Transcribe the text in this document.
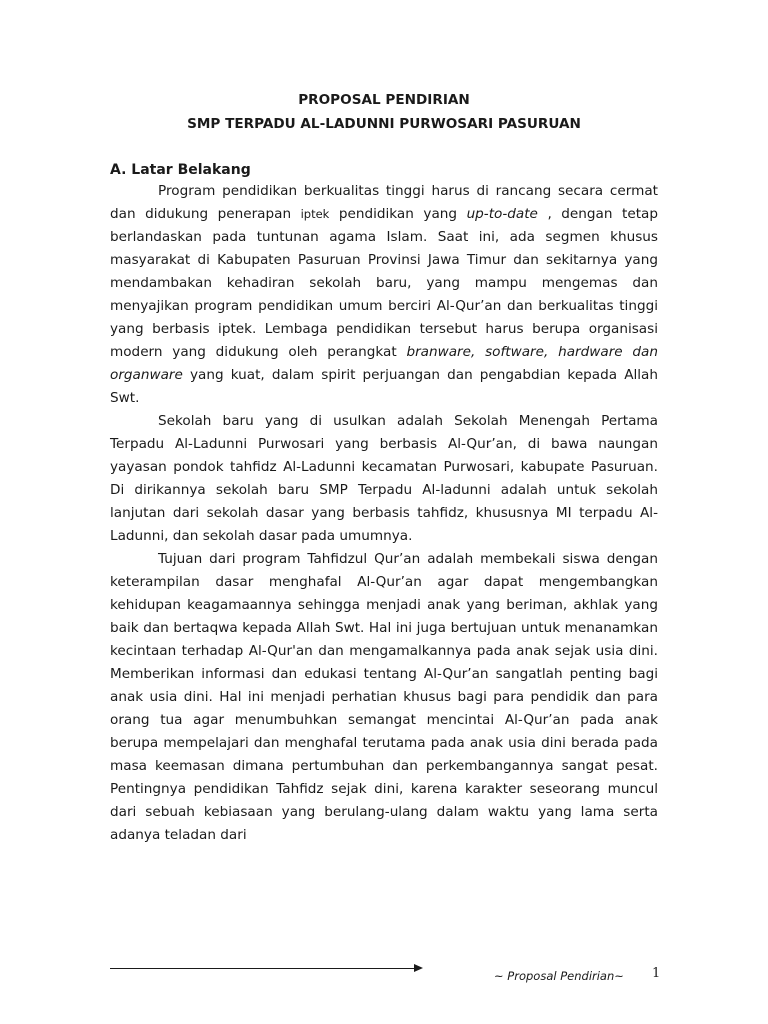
PROPOSAL PENDIRIAN
SMP TERPADU AL-LADUNNI PURWOSARI PASURUAN
A. Latar Belakang

Program pendidikan berkualitas tinggi harus di rancang secara cermat dan didukung penerapan iptek pendidikan yang up-to-date , dengan tetap berlandaskan pada tuntunan agama Islam. Saat ini, ada segmen khusus masyarakat di Kabupaten Pasuruan Provinsi Jawa Timur dan sekitarnya yang mendambakan kehadiran sekolah baru, yang mampu mengemas dan menyajikan program pendidikan umum berciri Al-Qur’an dan berkualitas tinggi yang berbasis iptek. Lembaga pendidikan tersebut harus berupa organisasi modern yang didukung oleh perangkat branware, software, hardware dan organware yang kuat, dalam spirit perjuangan dan pengabdian kepada Allah Swt.

Sekolah baru yang di usulkan adalah Sekolah Menengah Pertama Terpadu Al-Ladunni Purwosari yang berbasis Al-Qur’an, di bawa naungan yayasan pondok tahfidz Al-Ladunni kecamatan Purwosari, kabupate Pasuruan. Di dirikannya sekolah baru SMP Terpadu Al-ladunni adalah untuk sekolah lanjutan dari sekolah dasar yang berbasis tahfidz, khususnya MI terpadu Al-Ladunni, dan sekolah dasar pada umumnya.

Tujuan dari program Tahfidzul Qur’an adalah membekali siswa dengan keterampilan dasar menghafal Al-Qur’an agar dapat mengembangkan kehidupan keagamaannya sehingga menjadi anak yang beriman, akhlak yang baik dan bertaqwa kepada Allah Swt. Hal ini juga bertujuan untuk menanamkan kecintaan terhadap Al-Qur'an dan mengamalkannya pada anak sejak usia dini. Memberikan informasi dan edukasi tentang Al-Qur’an sangatlah penting bagi anak usia dini. Hal ini menjadi perhatian khusus bagi para pendidik dan para orang tua agar menumbuhkan semangat mencintai Al-Qur’an pada anak berupa mempelajari dan menghafal terutama pada anak usia dini berada pada masa keemasan dimana pertumbuhan dan perkembangannya sangat pesat. Pentingnya pendidikan Tahfidz sejak dini, karena karakter seseorang muncul dari sebuah kebiasaan yang berulang-ulang dalam waktu yang lama serta adanya teladan dari

~ Proposal Pendirian~ 1
